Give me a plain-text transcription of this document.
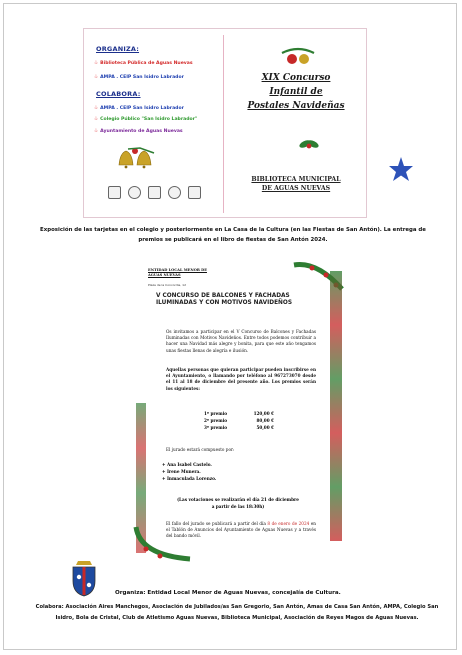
ORGANIZA:
♧ Biblioteca Pública de Aguas Nuevas
♧ AMPA . CEIP San Isidro Labrador
COLABORA:
♧ AMPA . CEIP San Isidro Labrador
♧ Colegio Público "San Isidro Labrador"
♧ Ayuntamiento de Aguas Nuevas
XIX Concurso
Infantil de
Postales Navideñas
BIBLIOTECA MUNICIPAL
DE AGUAS NUEVAS
Exposición de las tarjetas en el colegio y posteriormente en La Casa de la Cultura (en las Fiestas de San Antón). La entrega de premios se publicará en el libro de fiestas de San Antón 2024.
ENTIDAD LOCAL MENOR DE
AGUAS NUEVAS
Plaza de la Concordia, 12
V CONCURSO DE BALCONES Y FACHADAS
ILUMINADAS Y CON MOTIVOS NAVIDEÑOS
Os invitamos a participar en el V Concurso de Balcones y Fachadas Iluminadas con Motivos Navideños. Entre todos podemos contribuir a hacer una Navidad más alegre y bonita, para que este año tengamos unas fiestas llenas de alegría e ilusión.
Aquellas personas que quieran participar pueden inscribirse en el Ayuntamiento, o llamando por teléfono al 967273070 desde el 11 al 18 de diciembre del presente año. Los premios serán los siguientes:
1º premio	120,00 €
2º premio	80,00 €
3º premio	50,00 €
El jurado estará compuesto por:
+ Ana Isabel Castelo.
+ Irene Munera.
+ Inmaculada Lorenzo.
(Las votaciones se realizarán el día 21 de diciembre
a partir de las 18:30h)
El fallo del jurado se publicará a partir del día 8 de enero de 2024 en el Tablón de Anuncios del Ayuntamiento de Aguas Nuevas y a través del bando móvil.
Organiza: Entidad Local Menor de Aguas Nuevas, concejalía de Cultura.
Colabora: Asociación Aires Manchegos, Asociación de Jubilados/as San Gregorio, San Antón, Amas de Casa San Antón, AMPA, Colegio San Isidro, Bola de Cristal, Club de Atletismo Aguas Nuevas, Biblioteca Municipal, Asociación de Reyes Magos de Aguas Nuevas.
